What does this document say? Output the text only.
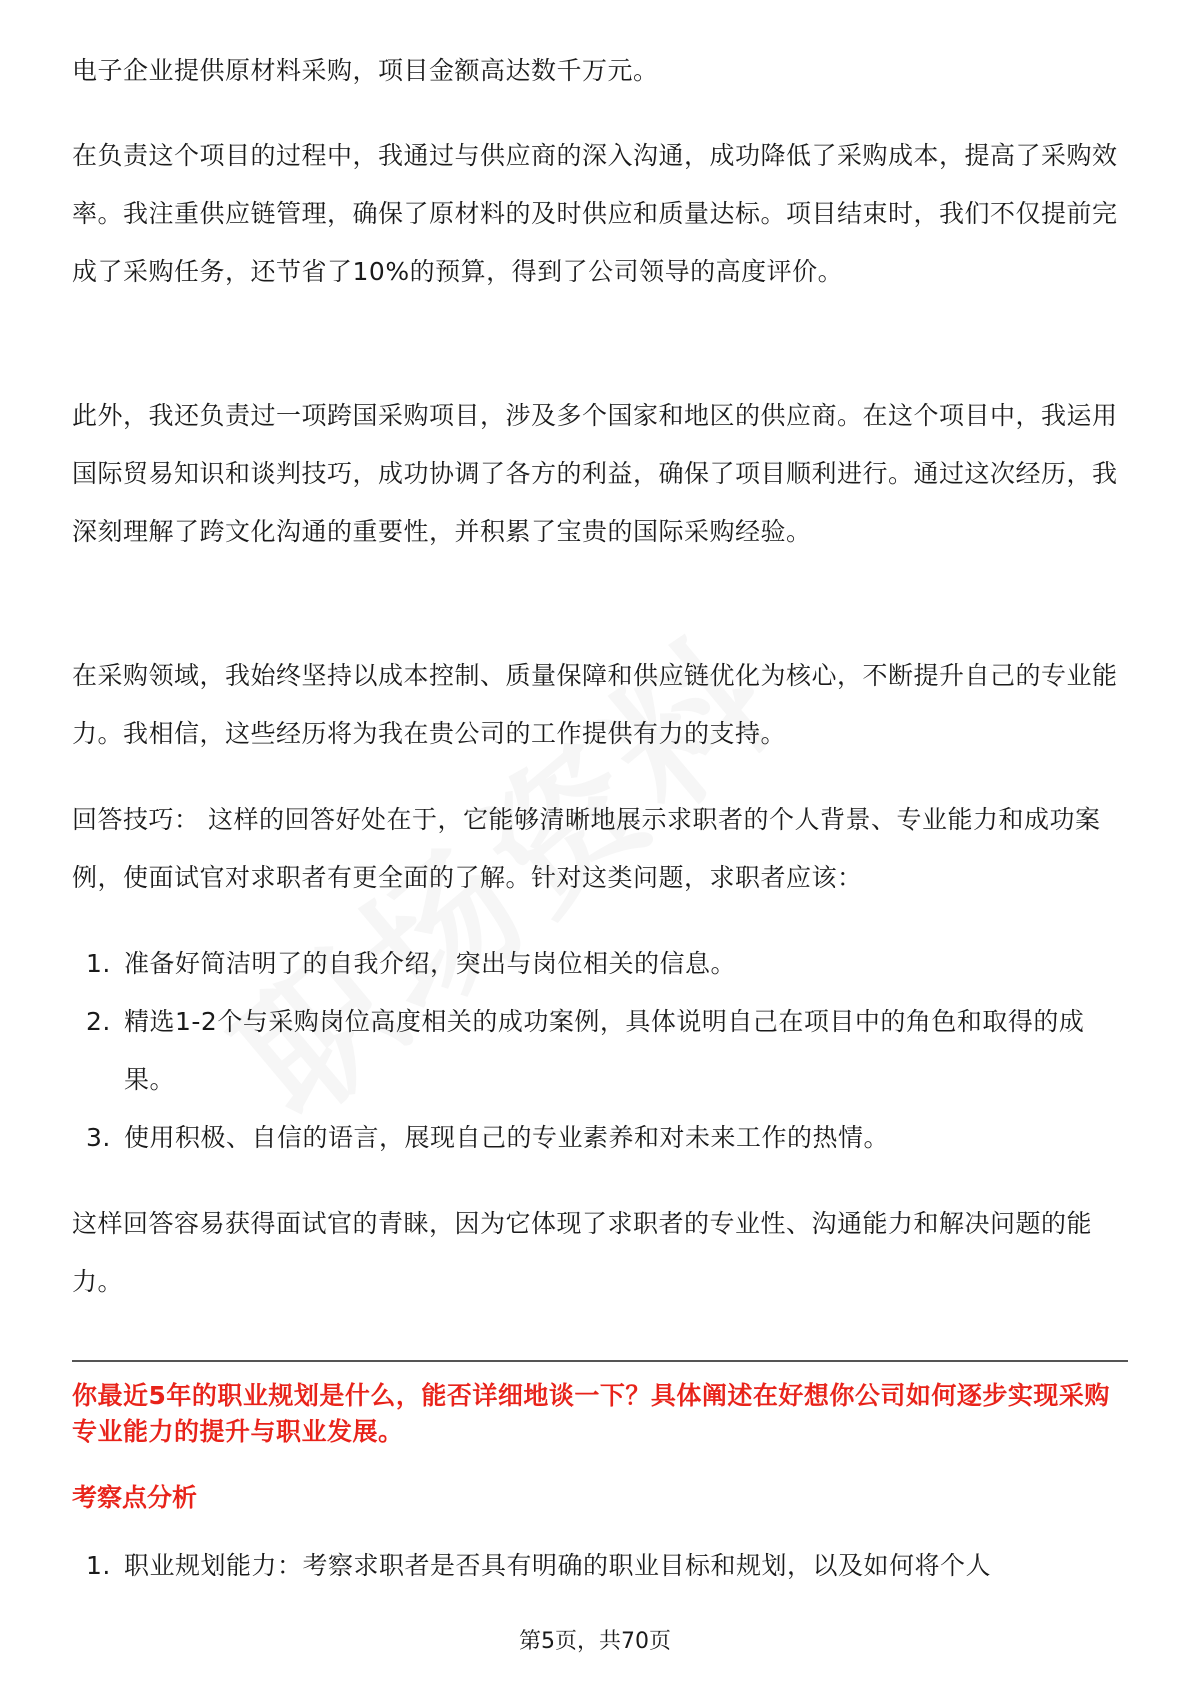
电子企业提供原材料采购，项目金额高达数千万元。

在负责这个项目的过程中，我通过与供应商的深入沟通，成功降低了采购成本，提高了采购效率。我注重供应链管理，确保了原材料的及时供应和质量达标。项目结束时，我们不仅提前完成了采购任务，还节省了10%的预算，得到了公司领导的高度评价。

此外，我还负责过一项跨国采购项目，涉及多个国家和地区的供应商。在这个项目中，我运用国际贸易知识和谈判技巧，成功协调了各方的利益，确保了项目顺利进行。通过这次经历，我深刻理解了跨文化沟通的重要性，并积累了宝贵的国际采购经验。

在采购领域，我始终坚持以成本控制、质量保障和供应链优化为核心，不断提升自己的专业能力。我相信，这些经历将为我在贵公司的工作提供有力的支持。

回答技巧： 这样的回答好处在于，它能够清晰地展示求职者的个人背景、专业能力和成功案例，使面试官对求职者有更全面的了解。针对这类问题，求职者应该：

1. 准备好简洁明了的自我介绍，突出与岗位相关的信息。
2. 精选1-2个与采购岗位高度相关的成功案例，具体说明自己在项目中的角色和取得的成果。
3. 使用积极、自信的语言，展现自己的专业素养和对未来工作的热情。

这样回答容易获得面试官的青睐，因为它体现了求职者的专业性、沟通能力和解决问题的能力。

你最近5年的职业规划是什么，能否详细地谈一下？具体阐述在好想你公司如何逐步实现采购专业能力的提升与职业发展。

考察点分析

1. 职业规划能力：考察求职者是否具有明确的职业目标和规划，以及如何将个人
第5页，共70页
